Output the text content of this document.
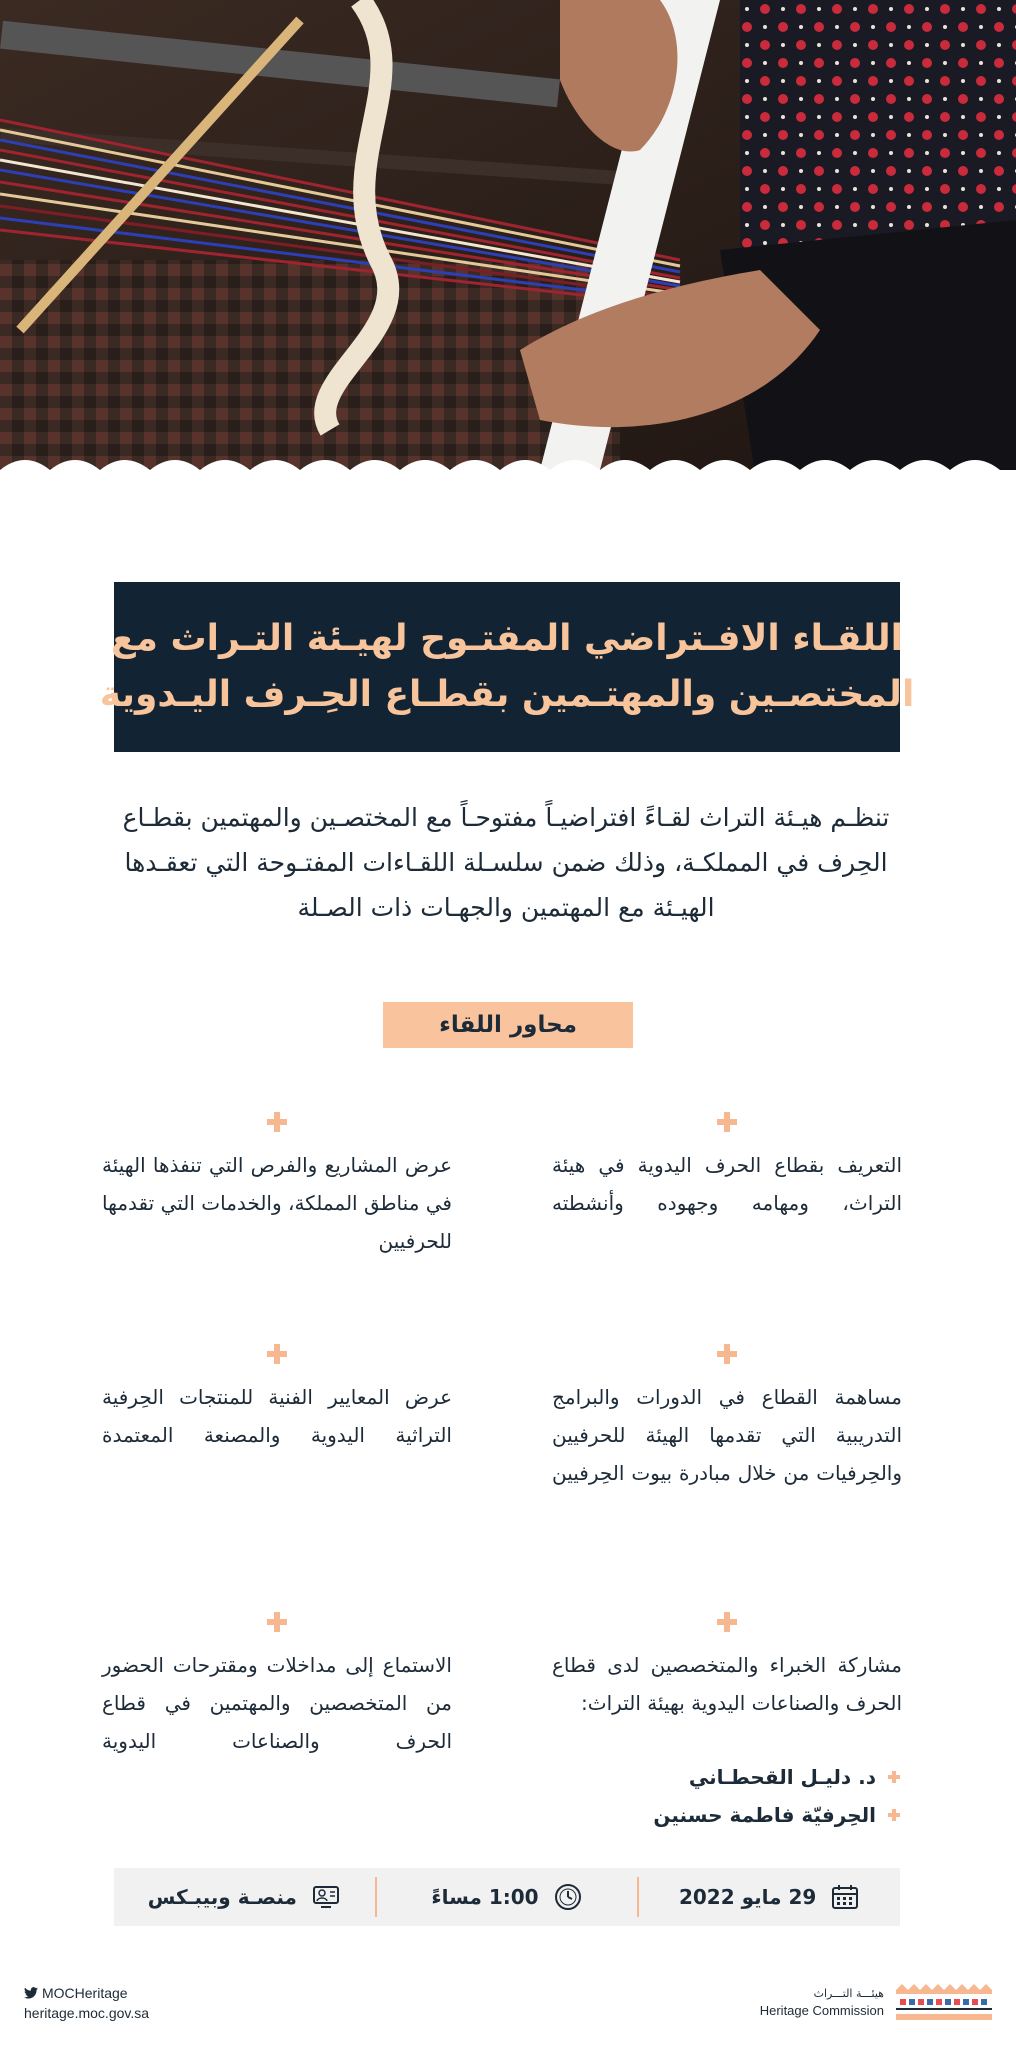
اللقـاء الافـتراضي المفتـوح لهيـئة التـراث مع

المختصـين والمهتـمين بقطـاع الحِـرف اليـدوية

تنظـم هيـئة التراث لقـاءً افتراضيـاً مفتوحـاً مع المختصـين والمهتمين بقطـاع
الحِرف في المملكـة، وذلك ضمن سلسـلة اللقـاءات المفتـوحة التي تعقـدها
الهيـئة مع المهتمين والجهـات ذات الصـلة
محاور اللقاء
التعريف بقطاع الحرف اليدوية في هيئة التراث، ومهامه وجهوده وأنشطته
عرض المشاريع والفرص التي تنفذها الهيئة في مناطق المملكة، والخدمات التي تقدمها للحرفيين
مساهمة القطاع في الدورات والبرامج التدريبية التي تقدمها الهيئة للحرفيين والحِرفيات من خلال مبادرة بيوت الحِرفيين
عرض المعايير الفنية للمنتجات الحِرفية التراثية اليدوية والمصنعة المعتمدة
مشاركة الخبراء والمتخصصين لدى قطاع الحرف والصناعات اليدوية بهيئة التراث:
د. دليـل القحطـاني
الحِرفيّة فاطمة حسنين
الاستماع إلى مداخلات ومقترحات الحضور من المتخصصين والمهتمين في قطاع الحرف والصناعات اليدوية
29 مايو 2022
1:00 مساءً
منصـة وبيبـكس
MOCHeritage
heritage.moc.gov.sa
هيئـــة التـــراث
Heritage Commission
